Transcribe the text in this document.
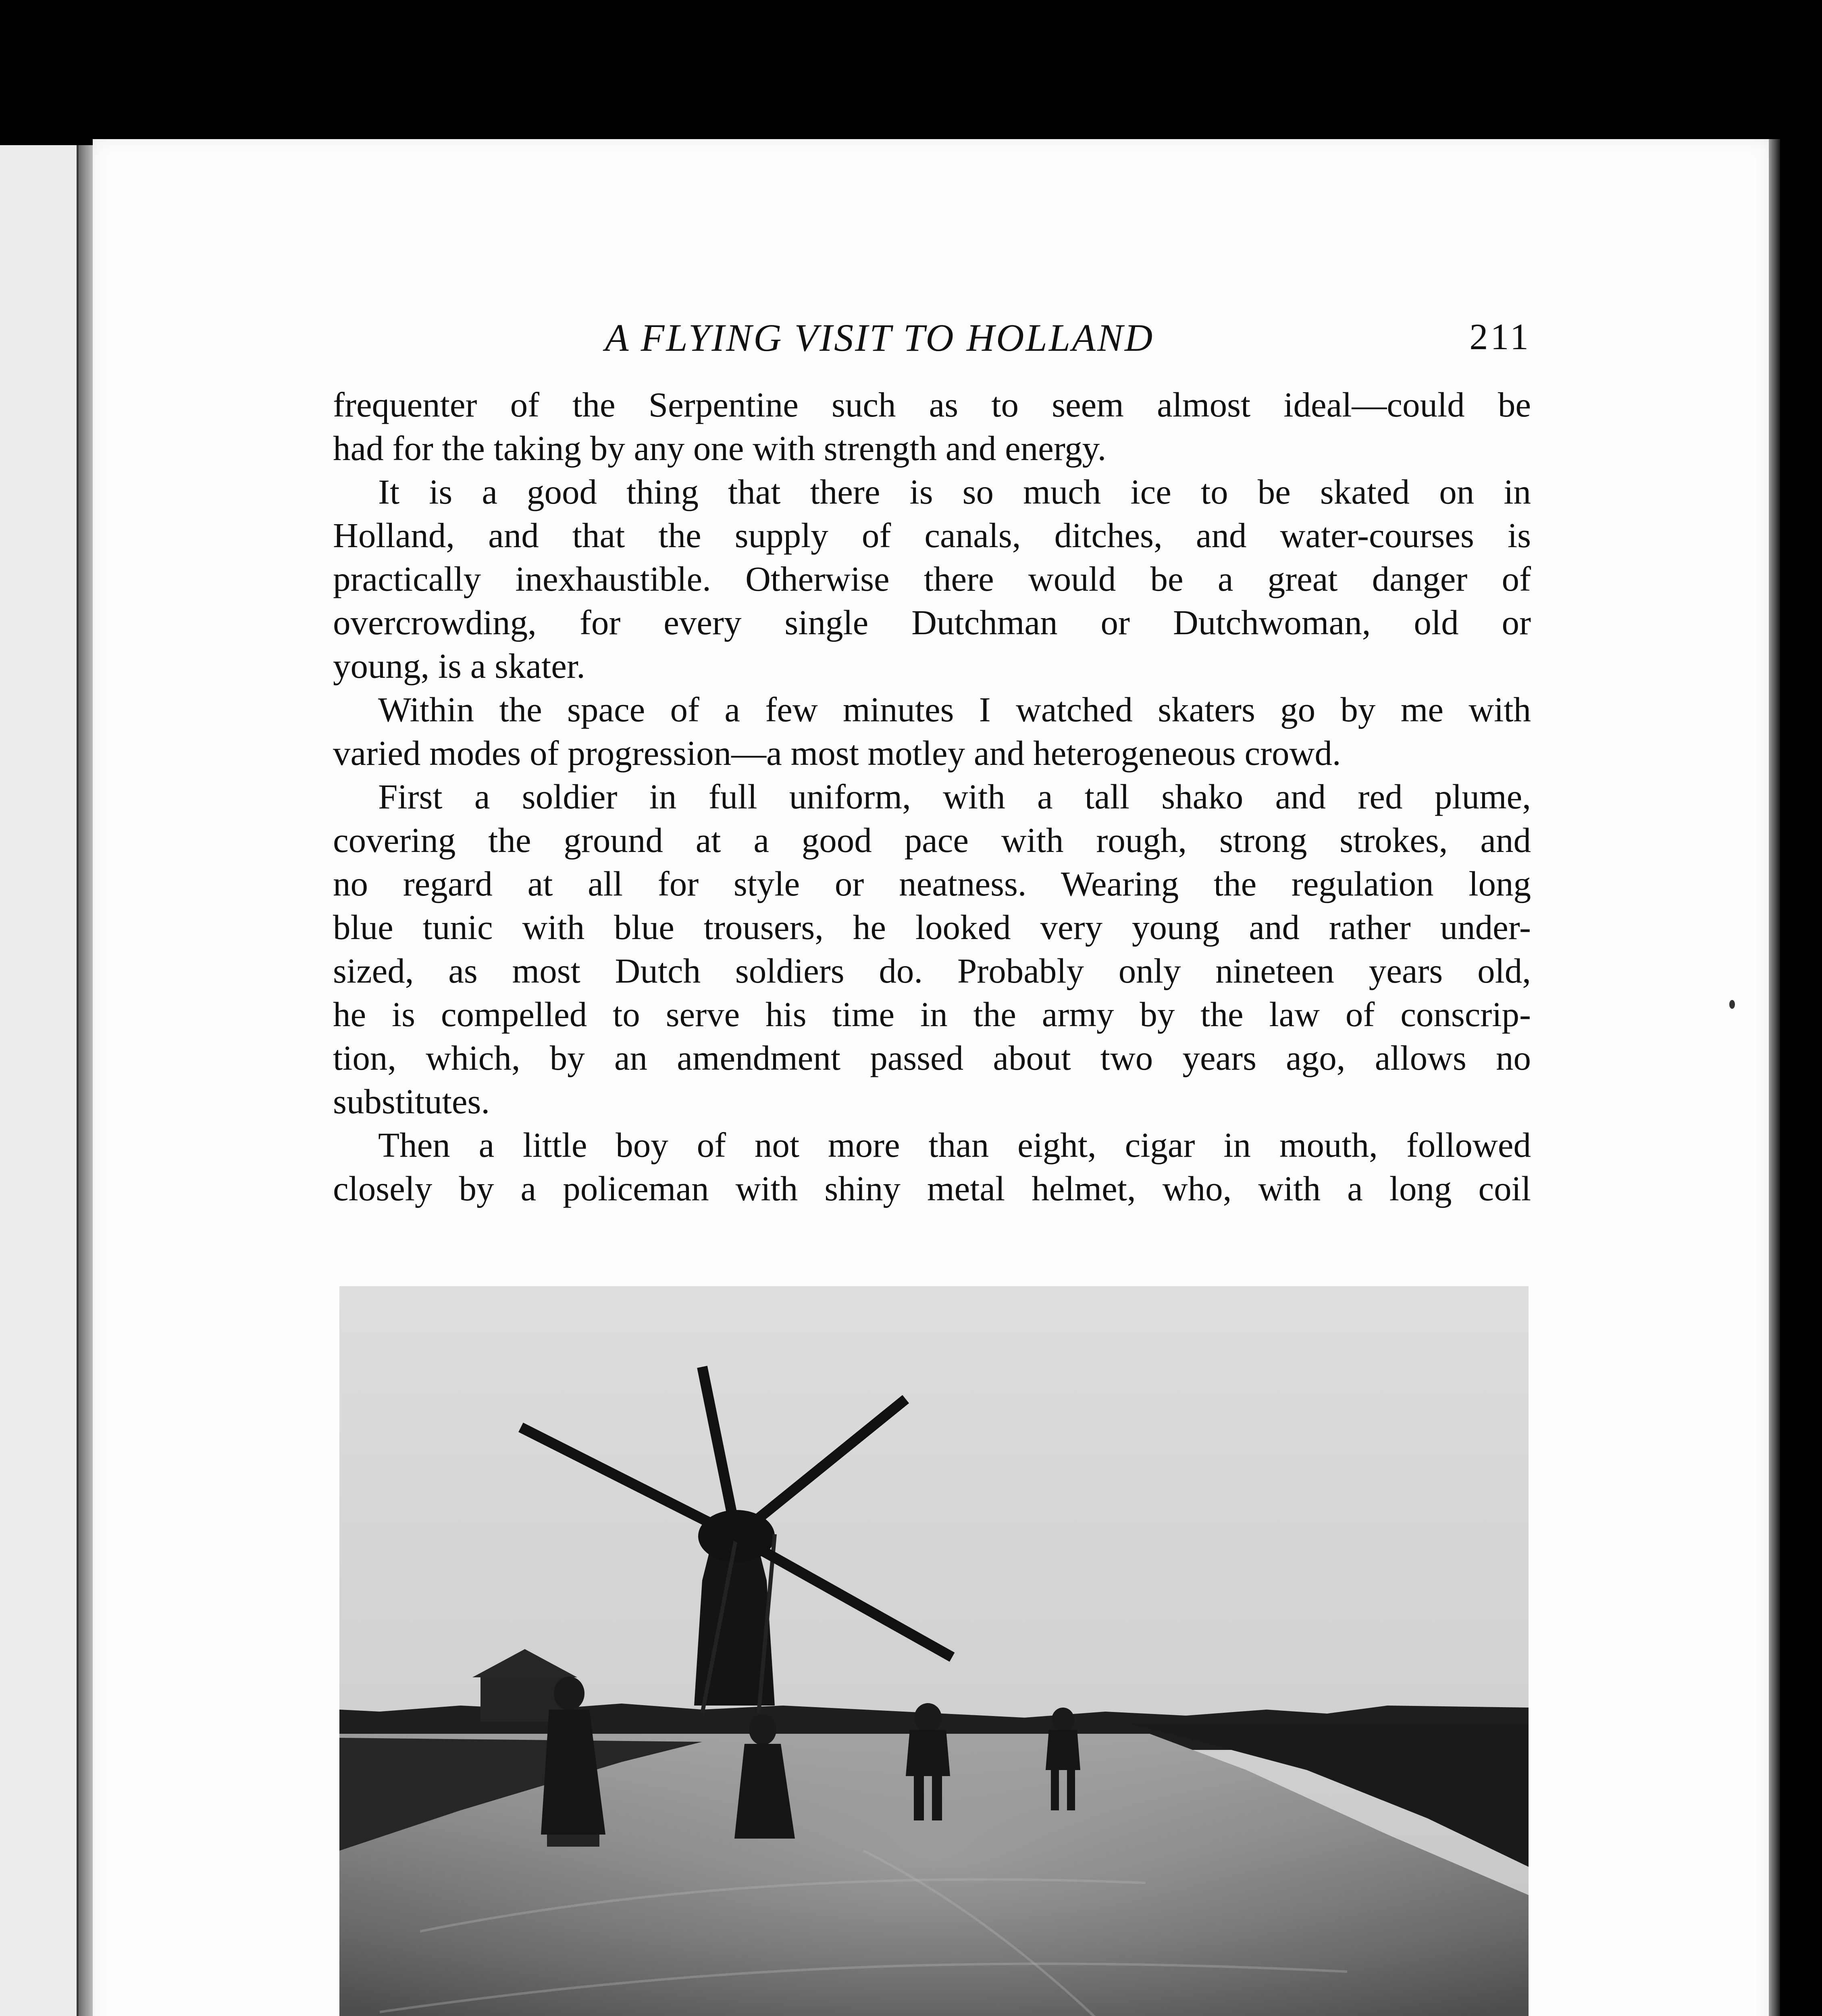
A FLYING VISIT TO HOLLAND	211
frequenter of the Serpentine such as to seem almost ideal—could be
had for the taking by any one with strength and energy.
It is a good thing that there is so much ice to be skated on in
Holland, and that the supply of canals, ditches, and water-courses is
practically inexhaustible. Otherwise there would be a great danger of
overcrowding, for every single Dutchman or Dutchwoman, old or
young, is a skater.
Within the space of a few minutes I watched skaters go by me with
varied modes of progression—a most motley and heterogeneous crowd.
First a soldier in full uniform, with a tall shako and red plume,
covering the ground at a good pace with rough, strong strokes, and
no regard at all for style or neatness. Wearing the regulation long
blue tunic with blue trousers, he looked very young and rather under-
sized, as most Dutch soldiers do. Probably only nineteen years old,
he is compelled to serve his time in the army by the law of conscrip-
tion, which, by an amendment passed about two years ago, allows no
substitutes.
Then a little boy of not more than eight, cigar in mouth, followed
closely by a policeman with shiny metal helmet, who, with a long coil
